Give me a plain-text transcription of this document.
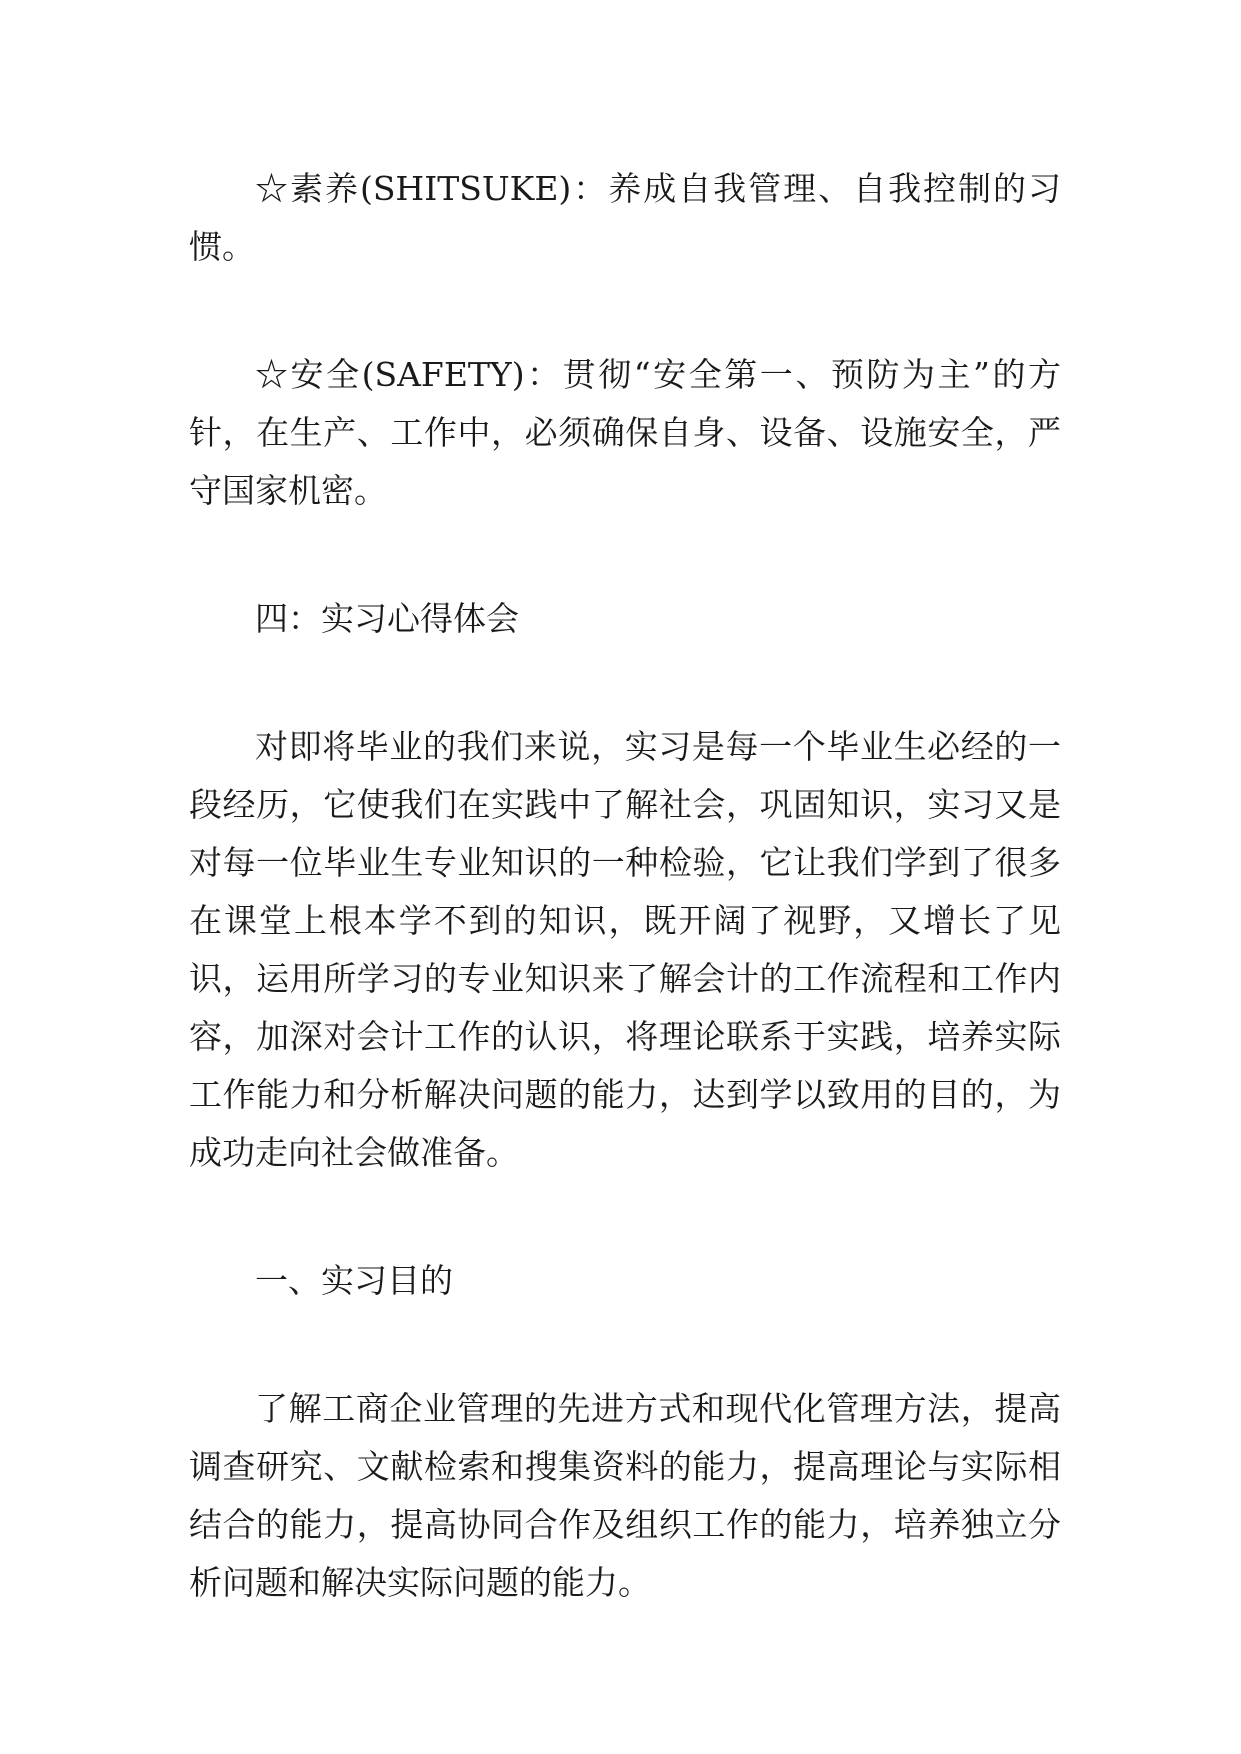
☆素养(SHITSUKE)：养成自我管理、自我控制的习惯。

☆安全(SAFETY)：贯彻“安全第一、预防为主”的方针，在生产、工作中，必须确保自身、设备、设施安全，严守国家机密。

四：实习心得体会

对即将毕业的我们来说，实习是每一个毕业生必经的一段经历，它使我们在实践中了解社会，巩固知识，实习又是对每一位毕业生专业知识的一种检验，它让我们学到了很多在课堂上根本学不到的知识，既开阔了视野，又增长了见识，运用所学习的专业知识来了解会计的工作流程和工作内容，加深对会计工作的认识，将理论联系于实践，培养实际工作能力和分析解决问题的能力，达到学以致用的目的，为成功走向社会做准备。

一、实习目的

了解工商企业管理的先进方式和现代化管理方法，提高调查研究、文献检索和搜集资料的能力，提高理论与实际相结合的能力，提高协同合作及组织工作的能力，培养独立分析问题和解决实际问题的能力。
